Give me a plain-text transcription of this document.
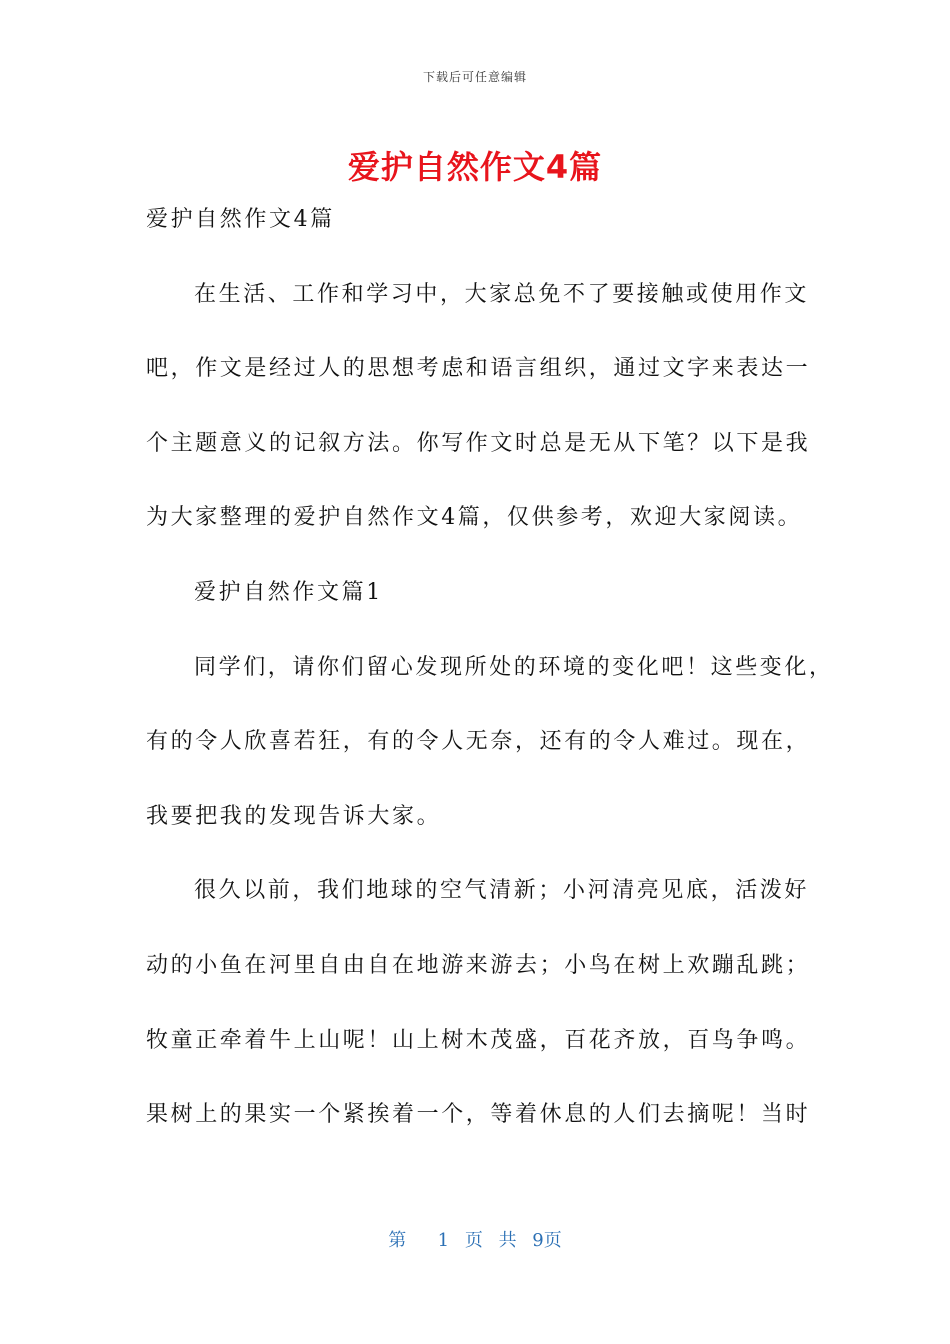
下载后可任意编辑
爱护自然作文4篇
爱护自然作文4篇
在生活、工作和学习中，大家总免不了要接触或使用作文
吧，作文是经过人的思想考虑和语言组织，通过文字来表达一
个主题意义的记叙方法。你写作文时总是无从下笔？以下是我
为大家整理的爱护自然作文4篇，仅供参考，欢迎大家阅读。
爱护自然作文篇1
同学们，请你们留心发现所处的环境的变化吧！这些变化，
有的令人欣喜若狂，有的令人无奈，还有的令人难过。现在，
我要把我的发现告诉大家。
很久以前，我们地球的空气清新；小河清亮见底，活泼好
动的小鱼在河里自由自在地游来游去；小鸟在树上欢蹦乱跳；
牧童正牵着牛上山呢！山上树木茂盛，百花齐放，百鸟争鸣。
果树上的果实一个紧挨着一个，等着休息的人们去摘呢！当时
第  1 页 共 9页
